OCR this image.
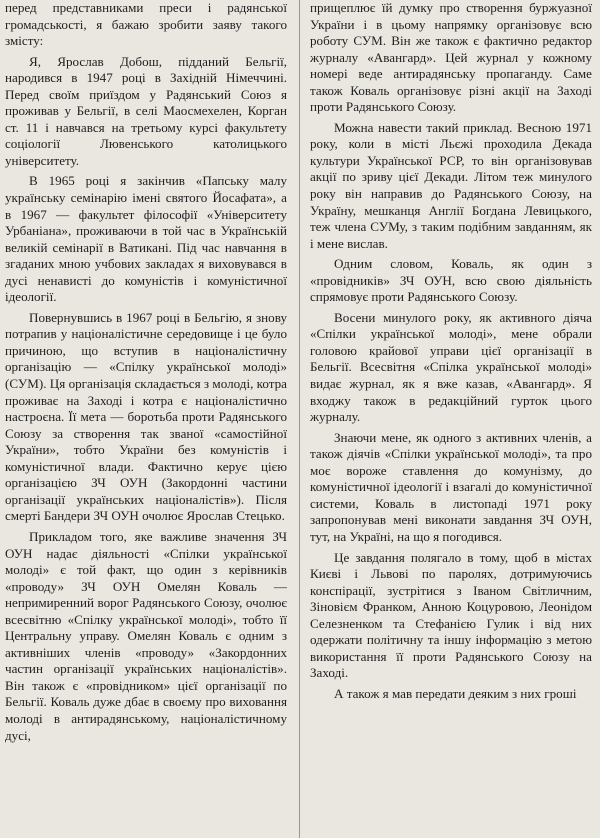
перед представниками преси і радянської громадськості, я бажаю зробити заяву такого змісту:

Я, Ярослав Добош, підданий Бельгії, народився в 1947 році в Західній Німеччині. Перед своїм приїздом у Радянський Союз я проживав у Бельгії, в селі Маосмехелен, Корган ст. 11 і навчався на третьому курсі факультету соціології Лювенського католицького університету.

В 1965 році я закінчив «Папську малу українську семінарію імені святого Йосафата», а в 1967 — факультет філософії «Університету Урбаніана», проживаючи в той час в Українській великій семінарії в Ватикані. Під час навчання в згаданих мною учбових закладах я виховувався в дусі ненависті до комуністів і комуністичної ідеології.

Повернувшись в 1967 році в Бельгію, я знову потрапив у націоналістичне середовище і це було причиною, що вступив в націоналістичну організацію — «Спілку української молоді» (СУМ). Ця організація складається з молоді, котра проживає на Заході і котра є націоналістично настроєна. Її мета — боротьба проти Радянського Союзу за створення так званої «самостійної України», тобто України без комуністів і комуністичної влади. Фактично керує цією організацією ЗЧ ОУН (Закордонні частини організації українських націоналістів»). Після смерті Бандери ЗЧ ОУН очолює Ярослав Стецько.

Прикладом того, яке важливе значення ЗЧ ОУН надає діяльності «Спілки української молоді» є той факт, що один з керівників «проводу» ЗЧ ОУН Омелян Коваль — непримиренний ворог Радянського Союзу, очолює всесвітню «Спілку української молоді», тобто її Центральну управу. Омелян Коваль є одним з активніших членів «проводу» «Закордонних частин організації українських націоналістів». Він також є «провідником» цієї організації по Бельгії. Коваль дуже дбає в своєму про виховання молоді в антирадянському, націоналістичному дусі,

прищеплює їй думку про створення буржуазної України і в цьому напрямку організовує всю роботу СУМ. Він же також є фактично редактор журналу «Авангард». Цей журнал у кожному номері веде антирадянську пропаганду. Саме також Коваль організовує різні акції на Заході проти Радянського Союзу.

Можна навести такий приклад. Весною 1971 року, коли в місті Льєжі проходила Декада культури Української РСР, то він організовував акції по зриву цієї Декади. Літом теж минулого року він направив до Радянського Союзу, на Україну, мешканця Англії Богдана Левицького, теж члена СУМу, з таким подібним завданням, як і мене вислав.

Одним словом, Коваль, як один з «провідників» ЗЧ ОУН, всю свою діяльність спрямовує проти Радянського Союзу.

Восени минулого року, як активного діяча «Спілки української молоді», мене обрали головою крайової управи цієї організації в Бельгії. Всесвітня «Спілка української молоді» видає журнал, як я вже казав, «Авангард». Я входжу також в редакційний гурток цього журналу.

Знаючи мене, як одного з активних членів, а також діячів «Спілки української молоді», та про моє вороже ставлення до комунізму, до комуністичної ідеології і взагалі до комуністичної системи, Коваль в листопаді 1971 року запропонував мені виконати завдання ЗЧ ОУН, тут, на Україні, на що я погодився.

Це завдання полягало в тому, щоб в містах Києві і Львові по паролях, дотримуючись конспірації, зустрітися з Іваном Світличним, Зіновієм Франком, Анною Коцуровою, Леонідом Селезненком та Стефанією Гулик і від них одержати політичну та іншу інформацію з метою використання її проти Радянського Союзу на Заході.

А також я мав передати деяким з них гроші
